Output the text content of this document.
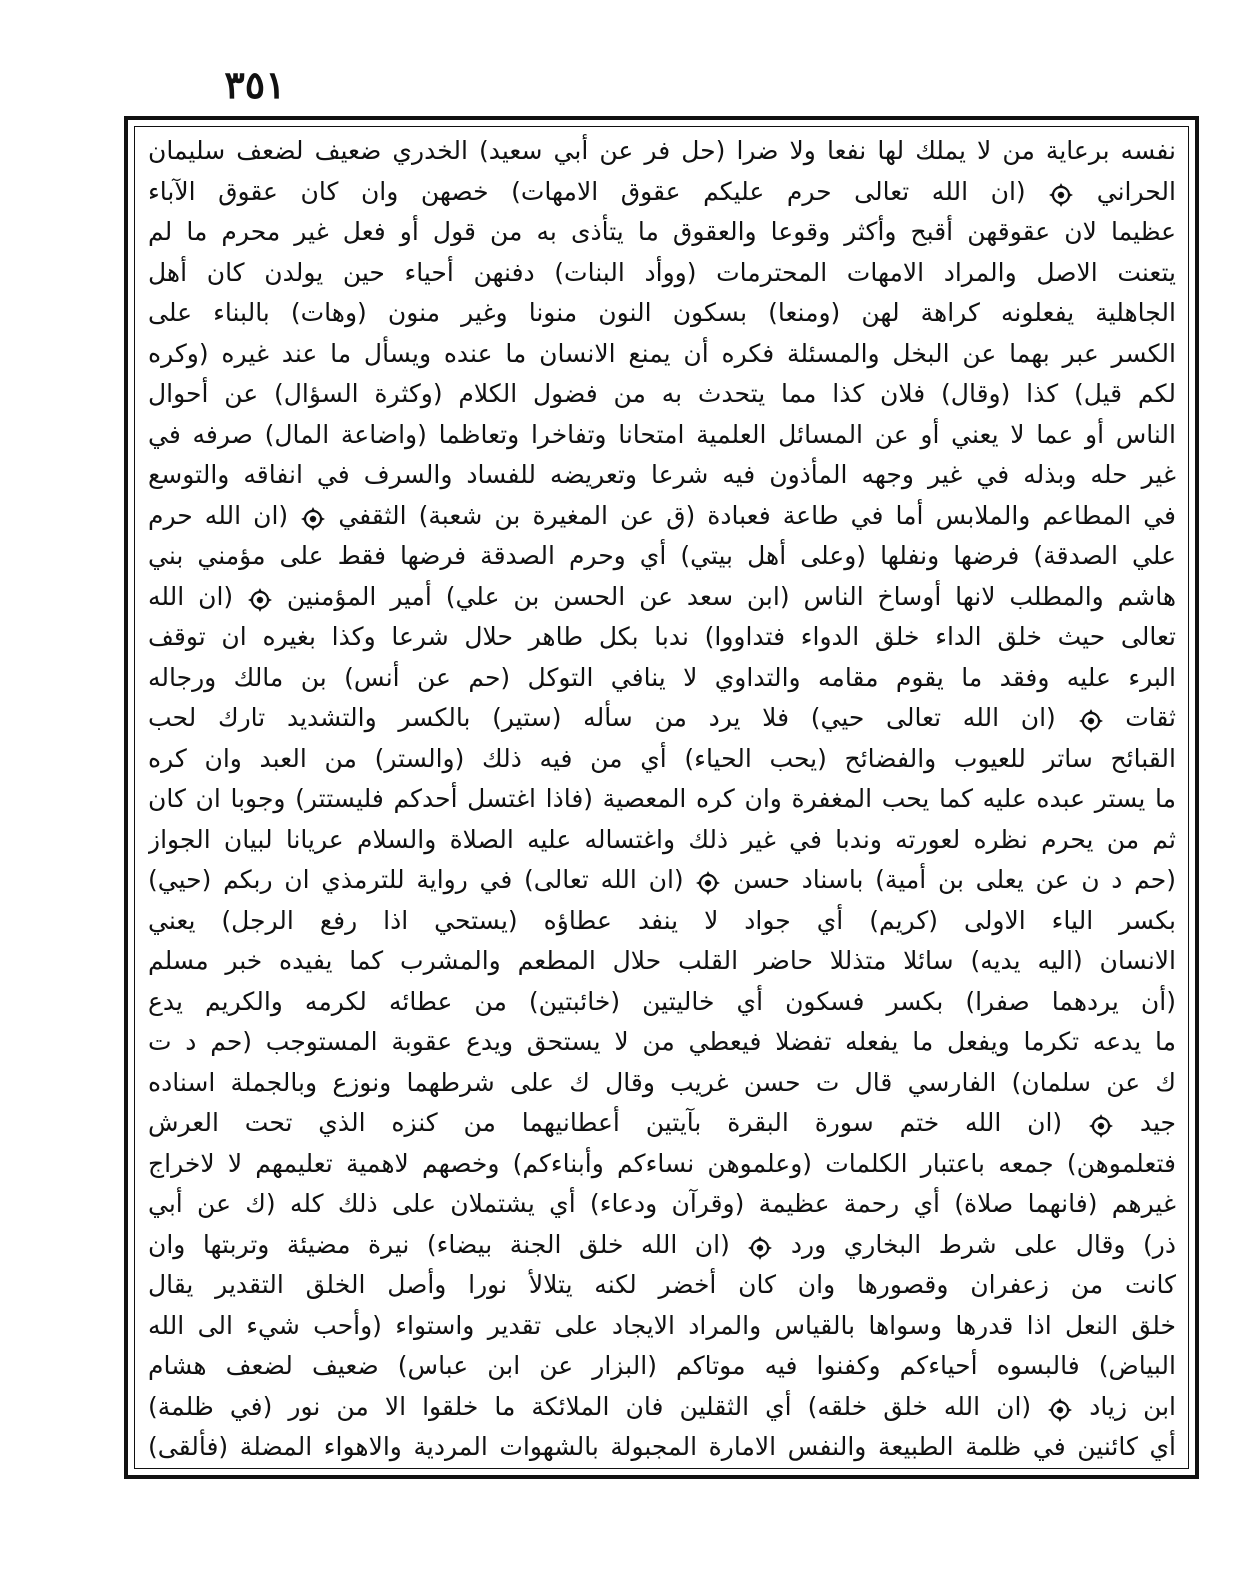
٣٥١
نفسه برعاية من لا يملك لها نفعا ولا ضرا (حل فر عن أبي سعيد) الخدري ضعيف لضعف سليمان
الحراني  (ان الله تعالى حرم عليكم عقوق الامهات) خصهن وان كان عقوق الآباء
عظيما لان عقوقهن أقبح وأكثر وقوعا والعقوق ما يتأذى به من قول أو فعل غير محرم ما لم
يتعنت الاصل والمراد الامهات المحترمات (ووأد البنات) دفنهن أحياء حين يولدن كان أهل
الجاهلية يفعلونه كراهة لهن (ومنعا) بسكون النون منونا وغير منون (وهات) بالبناء على
الكسر عبر بهما عن البخل والمسئلة فكره أن يمنع الانسان ما عنده ويسأل ما عند غيره (وكره
لكم قيل) كذا (وقال) فلان كذا مما يتحدث به من فضول الكلام (وكثرة السؤال) عن أحوال
الناس أو عما لا يعني أو عن المسائل العلمية امتحانا وتفاخرا وتعاظما (واضاعة المال) صرفه في
غير حله وبذله في غير وجهه المأذون فيه شرعا وتعريضه للفساد والسرف في انفاقه والتوسع
في المطاعم والملابس أما في طاعة فعبادة (ق عن المغيرة بن شعبة) الثقفي  (ان الله حرم
علي الصدقة) فرضها ونفلها (وعلى أهل بيتي) أي وحرم الصدقة فرضها فقط على مؤمني بني
هاشم والمطلب لانها أوساخ الناس (ابن سعد عن الحسن بن علي) أمير المؤمنين  (ان الله
تعالى حيث خلق الداء خلق الدواء فتداووا) ندبا بكل طاهر حلال شرعا وكذا بغيره ان توقف
البرء عليه وفقد ما يقوم مقامه والتداوي لا ينافي التوكل (حم عن أنس) بن مالك ورجاله
ثقات  (ان الله تعالى حيي) فلا يرد من سأله (ستير) بالكسر والتشديد تارك لحب
القبائح ساتر للعيوب والفضائح (يحب الحياء) أي من فيه ذلك (والستر) من العبد وان كره
ما يستر عبده عليه كما يحب المغفرة وان كره المعصية (فاذا اغتسل أحدكم فليستتر) وجوبا ان كان
ثم من يحرم نظره لعورته وندبا في غير ذلك واغتساله عليه الصلاة والسلام عريانا لبيان الجواز
(حم د ن عن يعلى بن أمية) باسناد حسن  (ان الله تعالى) في رواية للترمذي ان ربكم (حيي)
بكسر الياء الاولى (كريم) أي جواد لا ينفد عطاؤه (يستحي اذا رفع الرجل) يعني
الانسان (اليه يديه) سائلا متذللا حاضر القلب حلال المطعم والمشرب كما يفيده خبر مسلم
(أن يردهما صفرا) بكسر فسكون أي خاليتين (خائبتين) من عطائه لكرمه والكريم يدع
ما يدعه تكرما ويفعل ما يفعله تفضلا فيعطي من لا يستحق ويدع عقوبة المستوجب (حم د ت
ك عن سلمان) الفارسي قال ت حسن غريب وقال ك على شرطهما ونوزع وبالجملة اسناده
جيد  (ان الله ختم سورة البقرة بآيتين أعطانيهما من كنزه الذي تحت العرش
فتعلموهن) جمعه باعتبار الكلمات (وعلموهن نساءكم وأبناءكم) وخصهم لاهمية تعليمهم لا لاخراج
غيرهم (فانهما صلاة) أي رحمة عظيمة (وقرآن ودعاء) أي يشتملان على ذلك كله (ك عن أبي
ذر) وقال على شرط البخاري ورد  (ان الله خلق الجنة بيضاء) نيرة مضيئة وتربتها وان
كانت من زعفران وقصورها وان كان أخضر لكنه يتلالأ نورا وأصل الخلق التقدير يقال
خلق النعل اذا قدرها وسواها بالقياس والمراد الايجاد على تقدير واستواء (وأحب شيء الى الله
البياض) فالبسوه أحياءكم وكفنوا فيه موتاكم (البزار عن ابن عباس) ضعيف لضعف هشام
ابن زياد  (ان الله خلق خلقه) أي الثقلين فان الملائكة ما خلقوا الا من نور (في ظلمة)
أي كائنين في ظلمة الطبيعة والنفس الامارة المجبولة بالشهوات المردية والاهواء المضلة (فألقى)
